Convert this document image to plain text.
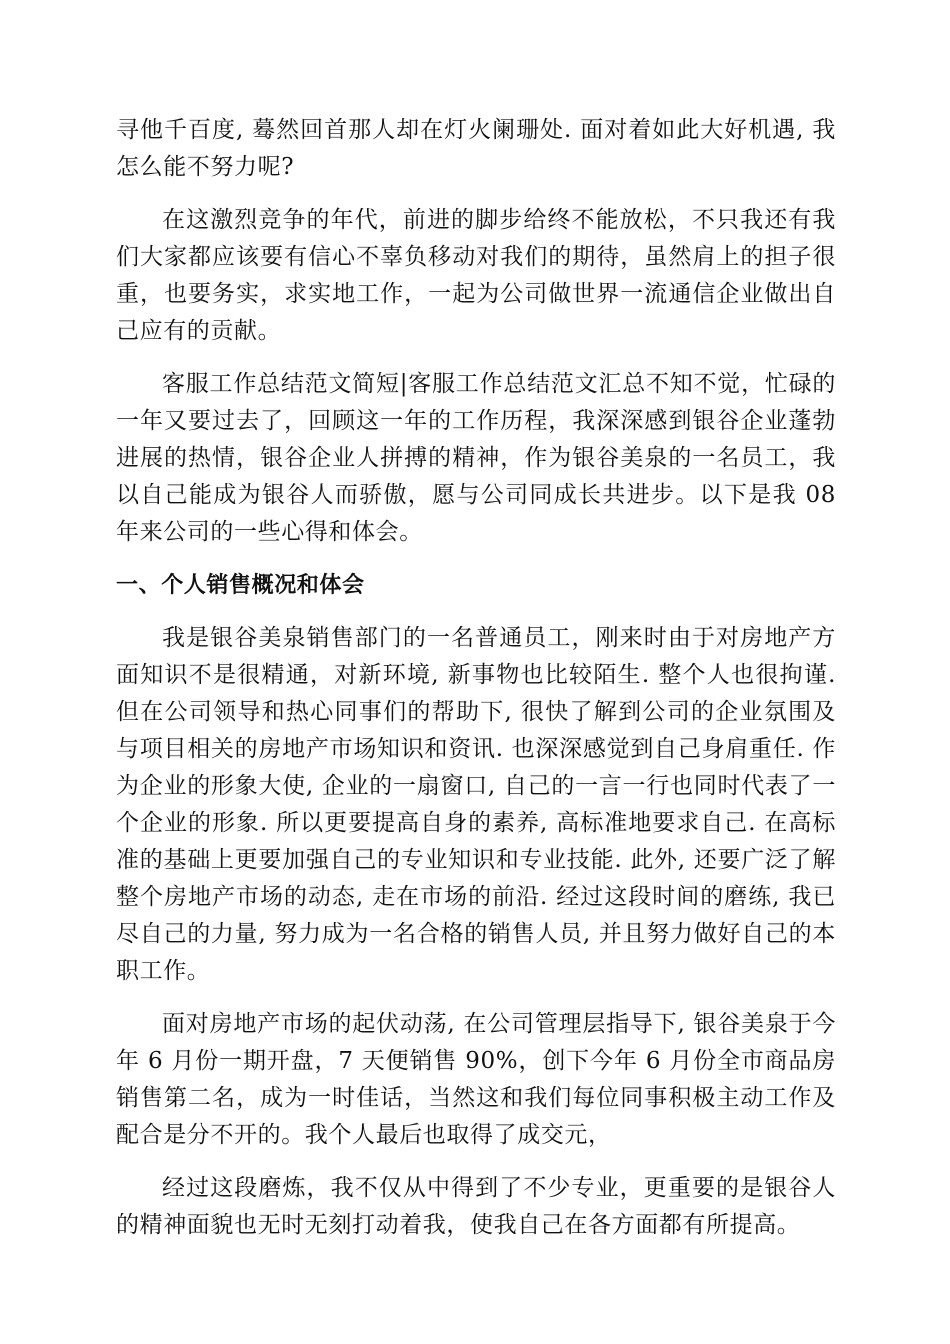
寻他千百度, 蓦然回首那人却在灯火阑珊处. 面对着如此大好机遇, 我怎么能不努力呢?

在这激烈竞争的年代，前进的脚步给终不能放松，不只我还有我们大家都应该要有信心不辜负移动对我们的期待，虽然肩上的担子很重，也要务实，求实地工作，一起为公司做世界一流通信企业做出自己应有的贡献。

客服工作总结范文简短|客服工作总结范文汇总不知不觉，忙碌的一年又要过去了，回顾这一年的工作历程，我深深感到银谷企业蓬勃进展的热情，银谷企业人拼搏的精神，作为银谷美泉的一名员工，我以自己能成为银谷人而骄傲，愿与公司同成长共进步。以下是我 08 年来公司的一些心得和体会。

一、个人销售概况和体会

我是银谷美泉销售部门的一名普通员工，刚来时由于对房地产方面知识不是很精通，对新环境, 新事物也比较陌生. 整个人也很拘谨. 但在公司领导和热心同事们的帮助下, 很快了解到公司的企业氛围及与项目相关的房地产市场知识和资讯. 也深深感觉到自己身肩重任. 作为企业的形象大使, 企业的一扇窗口, 自己的一言一行也同时代表了一个企业的形象. 所以更要提高自身的素养, 高标准地要求自己. 在高标准的基础上更要加强自己的专业知识和专业技能. 此外, 还要广泛了解整个房地产市场的动态, 走在市场的前沿. 经过这段时间的磨练, 我已尽自己的力量, 努力成为一名合格的销售人员, 并且努力做好自己的本职工作。

面对房地产市场的起伏动荡, 在公司管理层指导下, 银谷美泉于今年 6 月份一期开盘，7 天便销售 90%，创下今年 6 月份全市商品房销售第二名，成为一时佳话，当然这和我们每位同事积极主动工作及配合是分不开的。我个人最后也取得了成交元，

经过这段磨炼，我不仅从中得到了不少专业，更重要的是银谷人的精神面貌也无时无刻打动着我，使我自己在各方面都有所提高。
